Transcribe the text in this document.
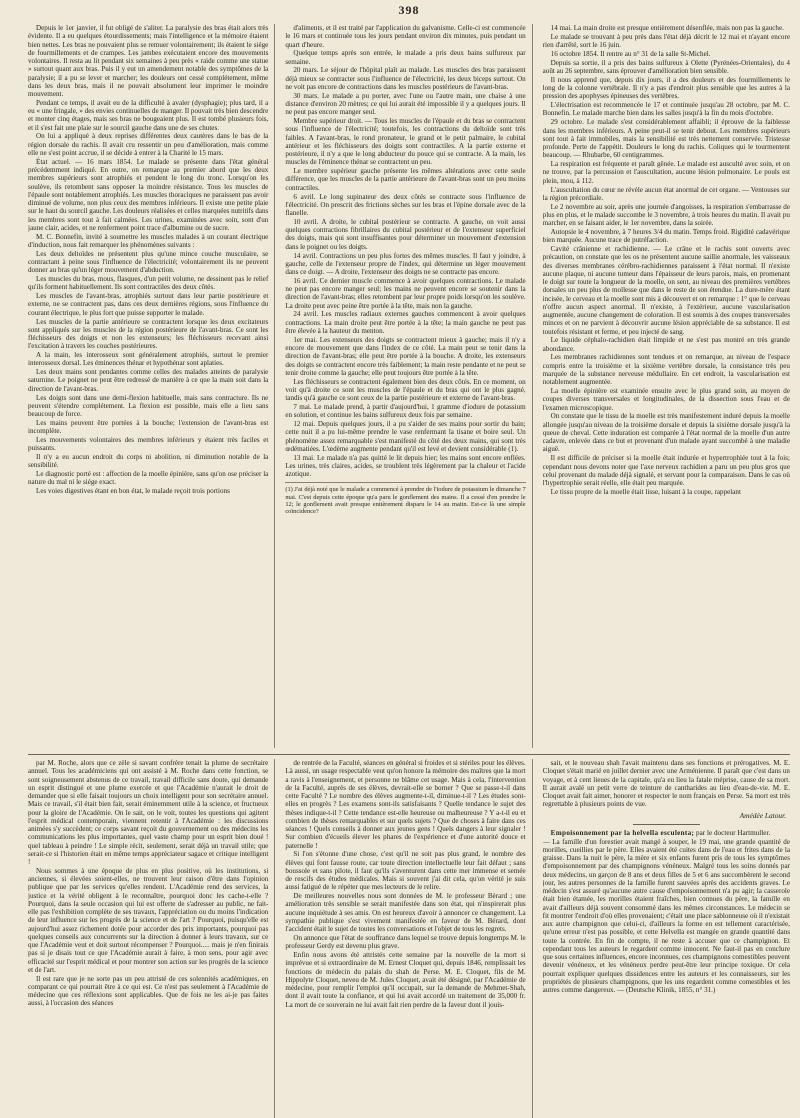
398

Depuis le 1er janvier, il fut obligé de s'aliter. La paralysie des bras était alors très évidente. Il a eu quelques étourdissements; mais l'intelligence et la mémoire étaient bien nettes. Les bras ne pouvaient plus se remuer volontairement; ils étaient le siége de fourmillements et de crampes. Les jambes exécutaient encore des mouvements volontaires. Il resta au lit pendant six semaines à peu près « raide comme une statue » surtout quant aux bras. Puis il y eut un amendement notable des symptômes de la paralysie; il a pu se lever et marcher; les douleurs ont cessé complétement, même dans les deux bras, mais il ne pouvait absolument leur imprimer le moindre mouvement.

Pendant ce temps, il avait eu de la difficulté à avaler (dysphagie); plus tard, il a eu « une fringale, » des envies continuelles de manger. Il pouvait très bien descendre et monter cinq étages, mais ses bras ne bougeaient plus. Il est tombé plusieurs fois, et il s'est fait une plaie sur le sourcil gauche dans une de ses chutes.

On lui a appliqué à deux reprises différentes deux cautères dans le bas de la région dorsale du rachis. Il avait cru ressentir un peu d'amélioration, mais comme elle ne s'est point accrue, il se décide à entrer à la Charité le 15 mars.

État actuel. — 16 mars 1854. Le malade se présente dans l'état général précédemment indiqué. En outre, on remarque au premier abord que les deux membres supérieurs sont atrophiés et pendent le long du tronc. Lorsqu'on les soulève, ils retombent sans opposer la moindre résistance. Tous les muscles de l'épaule sont notablement atrophiés. Les muscles thoraciques ne paraissent pas avoir diminué de volume, non plus ceux des membres inférieurs. Il existe une petite plaie sur le haut du sourcil gauche. Les douleurs réalisées et celles marquées nutritifs dans les membres sont tout à fait calmées. Les urines, examinées avec soin, sont d'un jaune clair, acides, et ne renferment point trace d'albumine ou de sucre.

M. C. Bonnefin, invité à soumettre les muscles malades à un courant électrique d'induction, nous fait remarquer les phénomènes suivants :

Les deux deltoïdes ne présentent plus qu'une mince couche musculaire, se contractant à peine sous l'influence de l'électricité; volontairement ils ne peuvent donner au bras qu'un léger mouvement d'abduction.

Les muscles du bras, mous, flasques, d'un petit volume, ne dessinent pas le relief qu'ils forment habituellement. Ils sont contractiles des deux côtés.

Les muscles de l'avant-bras, atrophiés surtout dans leur partie postérieure et externe, ne se contractent pas, dans ces deux dernières régions, sous l'influence du courant électrique, le plus fort que puisse supporter le malade.

Les muscles de la partie antérieure se contractent lorsque les deux excitateurs sont appliqués sur les muscles de la région postérieure de l'avant-bras. Ce sont les fléchisseurs des doigts et non les extenseurs; les fléchisseurs recevant ainsi l'excitation à travers les couches postérieures.

A la main, les interosseux sont généralement atrophiés, surtout le premier interosseux dorsal. Les éminences thénar et hypothénar sont aplaties.

Les deux mains sont pendantes comme celles des malades atteints de paralysie saturnine. Le poignet ne peut être redressé de manière à ce que la main soit dans la direction de l'avant-bras.

Les doigts sont dans une demi-flexion habituelle, mais sans contracture. Ils ne peuvent s'étendre complétement. La flexion est possible, mais elle a lieu sans beaucoup de force.

Les mains peuvent être portées à la bouche; l'extension de l'avant-bras est incomplète.

Les mouvements volontaires des membres inférieurs y étaient très faciles et puissants.

Il n'y a eu aucun endroit du corps ni abolition, ni diminution notable de la sensibilité.

Le diagnostic porté est : affection de la moelle épinière, sans qu'on ose préciser la nature du mal ni le siége exact.

Les voies digestives étant en bon état, le malade reçoit trois portions

d'aliments, et il est traité par l'application du galvanisme. Celle-ci est commencée le 16 mars et continuée tous les jours pendant environ dix minutes, puis pendant un quart d'heure.

Quelque temps après son entrée, le malade a pris deux bains sulfureux par semaine.

20 mars. Le séjour de l'hôpital plaît au malade. Les muscles des bras paraissent déjà mieux se contracter sous l'influence de l'électricité, les deux biceps surtout. On ne voit pas encore de contractions dans les muscles postérieurs de l'avant-bras.

30 mars. Le malade a pu porter, avec l'une ou l'autre main, une chaise à une distance d'environ 20 mètres; ce qui lui aurait été impossible il y a quelques jours. Il ne peut pas encore manger seul.

Membre supérieur droit. — Tous les muscles de l'épaule et du bras se contractent sous l'influence de l'électricité; toutefois, les contractions du deltoïde sont très faibles. A l'avant-bras, le rond pronateur, le grand et le petit palmaire, le cubital antérieur et les fléchisseurs des doigts sont contractiles. A la partie externe et postérieure, il n'y a que le long abducteur du pouce qui se contracte. A la main, les muscles de l'éminence thénar se contractent un peu.

Le membre supérieur gauche présente les mêmes altérations avec cette seule différence, que les muscles de la partie antérieure de l'avant-bras sont un peu moins contractiles.

6 avril. Le long supinateur des deux côtés se contracte sous l'influence de l'électricité. On prescrit des frictions sèches sur les bras et l'épine dorsale avec de la flanelle.

10 avril. A droite, le cubital postérieur se contracte. A gauche, on voit aussi quelques contractions fibrillaires du cubital postérieur et de l'extenseur superficiel des doigts, mais qui sont insuffisantes pour déterminer un mouvement d'extension dans le poignet ou les doigts.

14 avril. Contractions un peu plus fortes des mêmes muscles. Il faut y joindre, à gauche, celle de l'extenseur propre de l'index, qui détermine un léger mouvement dans ce doigt. — A droite, l'extenseur des doigts ne se contracte pas encore.

16 avril. Ce dernier muscle commence à avoir quelques contractions. Le malade ne peut pas encore manger seul; les mains ne peuvent encore se soutenir dans la direction de l'avant-bras; elles retombent par leur propre poids lorsqu'on les soulève. La droite peut avec peine être portée à la tête, mais non la gauche.

24 avril. Les muscles radiaux externes gauches commencent à avoir quelques contractions. La main droite peut être portée à la tête; la main gauche ne peut pas être élevée à la hauteur du menton.

1er mai. Les extenseurs des doigts se contractent mieux à gauche; mais il n'y a encore de mouvement que dans l'index de ce côté. La main peut se tenir dans la direction de l'avant-bras; elle peut être portée à la bouche. A droite, les extenseurs des doigts se contractent encore très faiblement; la main reste pendante et ne peut se tenir droite comme la gauche; elle peut toujours être portée à la tête.

Les fléchisseurs se contractent également bien des deux côtés. En ce moment, on voit qu'à droite ce sont les muscles de l'épaule et du bras qui ont le plus gagné, tandis qu'à gauche ce sont ceux de la partie postérieure et externe de l'avant-bras.

7 mai. Le malade prend, à partir d'aujourd'hui, 1 gramme d'iodure de potassium en solution, et continue les bains sulfureux deux fois par semaine.

12 mai. Depuis quelques jours, il a pu s'aider de ses mains pour sortir du bain; cette nuit il a pu lui-même prendre le vase renfermant la tisane et boire seul. Un phénomène assez remarquable s'est manifesté du côté des deux mains, qui sont très œdématiées. L'œdème augmente pendant qu'il est levé et devient considérable (1).

13 mai. Le malade n'a pas quitté le lit depuis hier; les mains sont encore enflées. Les urines, très claires, acides, se troublent très légèrement par la chaleur et l'acide azotique.

(1) J'ai déjà noté que le malade a commencé à prendre de l'iodure de potassium le dimanche 7 mai. C'est depuis cette époque qu'a paru le gonflement des mains. Il a cessé d'en prendre le 12; le gonflement avait presque entièrement disparu le 14 au matin. Est-ce là une simple coïncidence?

14 mai. La main droite est presque entièrement désenflée, mais non pas la gauche.

Le malade se trouvant à peu près dans l'état déjà décrit le 12 mai et n'ayant encore rien d'arrêté, sort le 16 juin.

16 octobre 1854. Il rentre au n° 31 de la salle St-Michel.

Depuis sa sortie, il a pris des bains sulfureux à Olette (Pyrénées-Orientales), du 4 août au 26 septembre, sans éprouver d'amélioration bien sensible.

Il nous apprend que, depuis dix jours, il a des douleurs et des fourmillements le long de la colonne vertébrale. Il n'y a pas d'endroit plus sensible que les autres à la pression des apophyses épineuses des vertèbres.

L'électrisation est recommencée le 17 et continuée jusqu'au 28 octobre, par M. C. Bonnefin. Le malade marche bien dans les salles jusqu'à la fin du mois d'octobre.

29 octobre. Le malade s'est considérablement affaibli; il éprouve de la faiblesse dans les membres inférieurs. A peine peut-il se tenir debout. Les membres supérieurs sont tout à fait immobiles, mais la sensibilité est très nettement conservée. Tristesse profonde. Perte de l'appétit. Douleurs le long du rachis. Coliques qui le tourmentent beaucoup. — Rhubarbe, 60 centigrammes.

La respiration est fréquente et paraît gênée. Le malade est ausculté avec soin, et on ne trouve, par la percussion et l'auscultation, aucune lésion pulmonaire. Le pouls est plein, mou, à 112.

L'auscultation du cœur ne révèle aucun état anormal de cet organe. — Ventouses sur la région précordiale.

Le 2 novembre au soir, après une journée d'angoisses, la respiration s'embarrasse de plus en plus, et le malade succombe le 3 novembre, à trois heures du matin. Il avait pu marcher, en se faisant aider, le 1er novembre, dans la soirée.

Autopsie le 4 novembre, à 7 heures 3/4 du matin. Temps froid. Rigidité cadavérique bien marquée. Aucune trace de putréfaction.

Cavité crânienne et rachidienne. — Le crâne et le rachis sont ouverts avec précaution, on constate que les os ne présentent aucune saillie anormale, les vaisseaux des diverses membranes cérébro-rachidiennes paraissent à l'état normal. Il n'existe aucune plaque, ni aucune tumeur dans l'épaisseur de leurs parois, mais, en promenant le doigt sur toute la longueur de la moelle, on sent, au niveau des premières vertèbres dorsales un peu plus de mollesse que dans le reste de son étendue. La dure-mère étant incisée, le cerveau et la moelle sont mis à découvert et on remarque : 1° que le cerveau n'offre aucun aspect anormal. Il n'existe, à l'extérieur, aucune vascularisation augmentée, aucune changement de coloration. Il est soumis à des coupes transversales minces et on ne parvient à découvrir aucune lésion appréciable de sa substance. Il est toutefois résistant et ferme, et peu injecté de sang.

Le liquide céphalo-rachidien était limpide et ne s'est pas montré en très grande abondance.

Les membranes rachidiennes sont tendues et on remarque, au niveau de l'espace compris entre la troisième et la sixième vertèbre dorsale, la consistance très peu marquée de la substance nerveuse médullaire. En cet endroit, la vascularisation est notablement augmentée.

La moelle épinière est examinée ensuite avec le plus grand soin, au moyen de coupes diverses transversales et longitudinales, de la dissection sous l'eau et de l'examen microscopique.

On constate que le tissu de la moelle est très manifestement induré depuis la moelle allongée jusqu'au niveau de la troisième dorsale et depuis la sixième dorsale jusqu'à la queue de cheval. Cette induration est comparée à l'état normal de la moelle d'un autre cadavre, enlevée dans ce but et provenant d'un malade ayant succombé à une maladie aiguë.

Il est difficile de préciser si la moelle était indurée et hypertrophiée tout à la fois; cependant nous devons noter que l'axe nerveux rachidien a paru un peu plus gros que celui provenant du malade déjà signalé, et servant pour la comparaison. Dans le cas où l'hypertrophie serait réelle, elle était peu marquée.

Le tissu propre de la moelle était lisse, luisant à la coupe, rappelant

par M. Roche, alors que ce zèle si savant confrère tenait la plume de secrétaire annuel. Tous les académiciens qui ont assisté à M. Roche dans cette fonction, se sont soigneusement abstenus de ce travail, travail difficile sans doute, qui demande un esprit distingué et une plume exercée et que l'Académie n'aurait le droit de demander que si elle faisait toujours un choix intelligent pour son secrétaire annuel. Mais ce travail, s'il était bien fait, serait éminemment utile à la science, et fructueux pour la gloire de l'Académie. On le sait, on le voit, toutes les questions qui agitent l'esprit médical contemporain, viennent retentir à l'Académie : les discussions animées s'y succèdent; ce corps savant reçoit du gouvernement ou des médecins les communications les plus importantes, quel vaste champ pour un esprit bien doué ! quel tableau à peindre ! Le simple récit, seulement, serait déjà un travail utile; que serait-ce si l'historien était en même temps appréciateur sagace et critique intelligent !

Nous sommes à une époque de plus en plus positive, où les institutions, si anciennes, si élevées soient-elles, ne trouvent leur raison d'être dans l'opinion publique que par les services qu'elles rendent. L'Académie rend des services, la justice et la vérité obligent à le reconnaître, pourquoi donc les cache-t-elle ? Pourquoi, dans la seule occasion qui lui est offerte de s'adresser au public, ne fait-elle pas l'exhibition complète de ses travaux, l'appréciation ou du moins l'indication de leur influence sur les progrès de la science et de l'art ? Pourquoi, puisqu'elle est aujourd'hui assez richement dotée pour accorder des prix importants, pourquoi pas quelques conseils aux concurrents sur la direction à donner à leurs travaux, sur ce que l'Académie veut et doit surtout récompenser ? Pourquoi..... mais je n'en finirais pas si je disais tout ce que l'Académie aurait à faire, à mon sens, pour agir avec efficacité sur l'esprit médical et pour montrer son action sur les progrès de la science et de l'art.

Il est rare que je ne sorte pas un peu attristé de ces solennités académiques, en comparant ce qui pourrait être à ce qui est. Ce n'est pas seulement à l'Académie de médecine que ces réflexions sont applicables. Que de fois ne les ai-je pas faites aussi, à l'occasion des séances

de rentrée de la Faculté, séances en général si froides et si stériles pour les élèves. Là aussi, un usage respectable veut qu'on honore la mémoire des maîtres que la mort a ravis à l'enseignement, et personne ne blâme cet usage. Mais à cela, l'intervention de la Faculté, auprès de ses élèves, devrait-elle se borner ? Que se passe-t-il dans cette Faculté ? Le nombre des élèves augmente-t-il, diminue-t-il ? Les études sont-elles en progrès ? Les examens sont-ils satisfaisants ? Quelle tendance le sujet des thèses indique-t-il ? Cette tendance est-elle heureuse ou malheureuse ? Y a-t-il eu et combien de thèses remarquables et sur quels sujets ? Que de choses à faire dans ces séances ! Quels conseils à donner aux jeunes gens ! Quels dangers à leur signaler ! Sur combien d'écueils élever les phares de l'expérience et d'une autorité douce et paternelle !

Si l'on s'étonne d'une chose, c'est qu'il ne soit pas plus grand, le nombre des élèves qui font fausse route, car toute direction intellectuelle leur fait défaut ; sans boussole et sans pilote, il faut qu'ils s'aventurent dans cette mer immense et semée de rescifs des études médicales. Mais si souvent j'ai dit cela, qu'on vérité je suis aussi fatigué de le répéter que mes lecteurs de le relire.

De meilleures nouvelles nous sont données de M. le professeur Bérard ; une amélioration très sensible se serait manifestée dans son état, qui n'inspirerait plus aucune inquiétude à ses amis. On est heureux d'avoir à annoncer ce changement. La sympathie publique s'est vivement manifestée en faveur de M. Bérard, dont l'accident était le sujet de toutes les conversations et l'objet de tous les regrets.

On annonce que l'état de souffrance dans lequel se trouve depuis longtemps M. le professeur Gerdy est devenu plus grave.

Enfin nous avons été attristés cette semaine par la nouvelle de la mort si imprévue et si extraordinaire de M. Ernest Cloquet qui, depuis 1846, remplissait les fonctions de médecin du palais du shah de Perse. M. E. Cloquet, fils de M. Hippolyte Cloquet, neveu de M. Jules Cloquet, avait été désigné, par l'Académie de médecine, pour remplir l'emploi qu'il occupait, sur la demande de Mehmet-Shah, dont il avait toute la confiance, et qui lui avait accordé un traitement de 35,000 fr. La mort de ce souverain ne lui avait fait rien perdre de la faveur dont il jouis-

sait, et le nouveau shah l'avait maintenu dans ses fonctions et prérogatives. M. E. Cloquet s'était marié en juillet dernier avec une Arménienne. Il paraît que c'est dans un voyage, et à cent lieues de la capitale, qu'a eu lieu la fatale méprise, cause de sa mort. Il aurait avalé un petit verre de teinture de cantharides au lieu d'eau-de-vie. M. E. Cloquet avait fait aimer, honorer et respecter le nom français en Perse. Sa mort est très regrettable à plusieurs points de vue.

Amédée Latour.

Empoisonnement par la helvella esculenta; par le docteur Hartmuller.

— La famille d'un forestier avait mangé à souper, le 19 mai, une grande quantité de morilles, cueillies par le père. Elles avaient été cuites dans de l'eau et frites dans de la graisse. Dans la nuit le père, la mère et six enfants furent pris de tous les symptômes d'empoisonnement par des champignons vénéneux. Malgré tous les soins donnés par deux médecins, un garçon de 8 ans et deux filles de 5 et 6 ans succombèrent le second jour, les autres personnes de la famille furent sauvées après des accidents graves. Le médecin s'est assuré qu'aucune autre cause d'empoisonnement n'a pu agir; la casserole était bien étamée, les morilles étaient fraîches, bien connues du père, la famille en avait d'ailleurs déjà souvent consommé dans les mêmes circonstances. Le médecin se fit montrer l'endroit d'où elles provenaient; c'était une place sablonneuse où il n'existait aux autre champignon que celui-ci, d'ailleurs la forme en est tellement caractérisée, qu'une erreur n'est pas possible, et cette Helvella est mangée en grande quantité dans toute la contrée. En fin de compte, il ne reste à accuser que ce champignon. Et cependant tous les auteurs le regardent comme innocent. Ne faut-il pas en conclure que sous certaines influences, encore inconnues, ces champignons comestibles peuvent devenir vénéneux, et les vénéneux perdre peut-être leur principe toxique. Or cela pourrait expliquer quelques dissidences entre les auteurs et les connaisseurs, sur les propriétés de plusieurs champignons, que les uns regardent comme comestibles et les autres comme dangereux. — (Deutsche Klinik, 1855, n° 31.)
